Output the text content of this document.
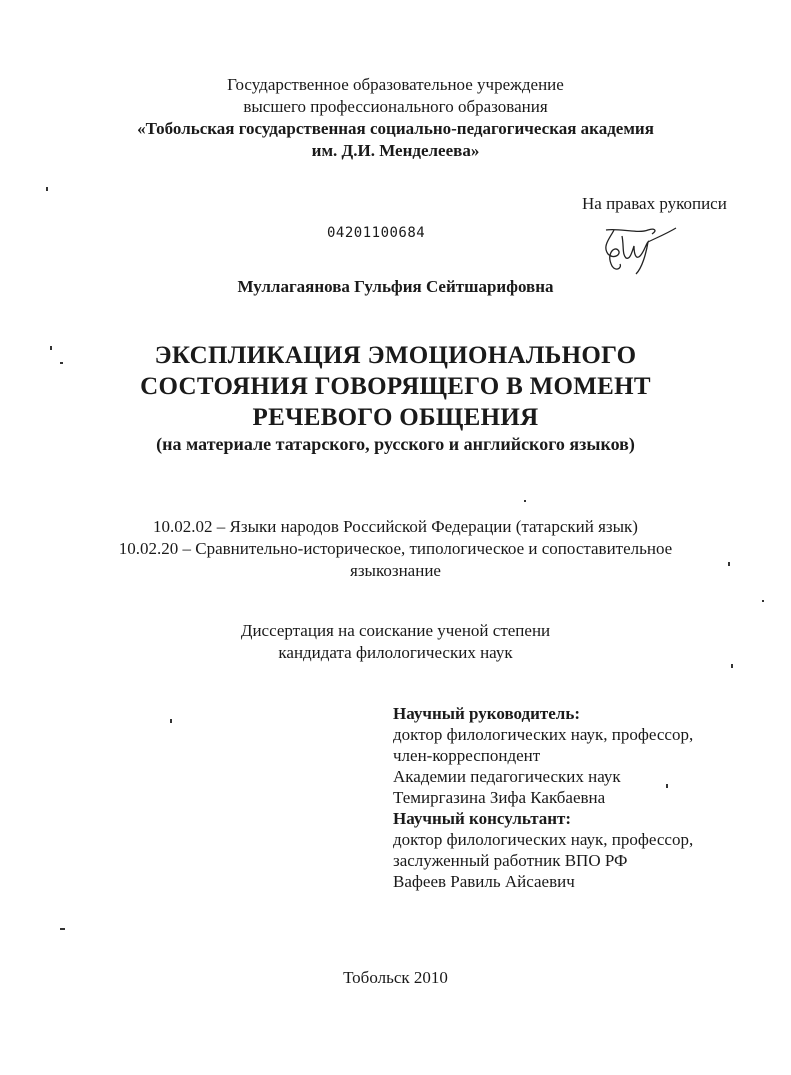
Государственное образовательное учреждение
высшего профессионального образования
«Тобольская государственная социально-педагогическая академия
им. Д.И. Менделеева»
На правах рукописи
04201100684
Муллагаянова Гульфия Сейтшарифовна
ЭКСПЛИКАЦИЯ ЭМОЦИОНАЛЬНОГО
СОСТОЯНИЯ ГОВОРЯЩЕГО В МОМЕНТ
РЕЧЕВОГО ОБЩЕНИЯ
(на материале татарского, русского и английского языков)
10.02.02 – Языки народов Российской Федерации (татарский язык)
10.02.20 – Сравнительно-историческое, типологическое и сопоставительное
языкознание
Диссертация на соискание ученой степени
кандидата филологических наук
Научный руководитель:
доктор филологических наук, профессор,
член-корреспондент
Академии педагогических наук
Темиргазина Зифа Какбаевна
Научный консультант:
доктор филологических наук, профессор,
заслуженный работник ВПО РФ
Вафеев Равиль Айсаевич
Тобольск 2010
